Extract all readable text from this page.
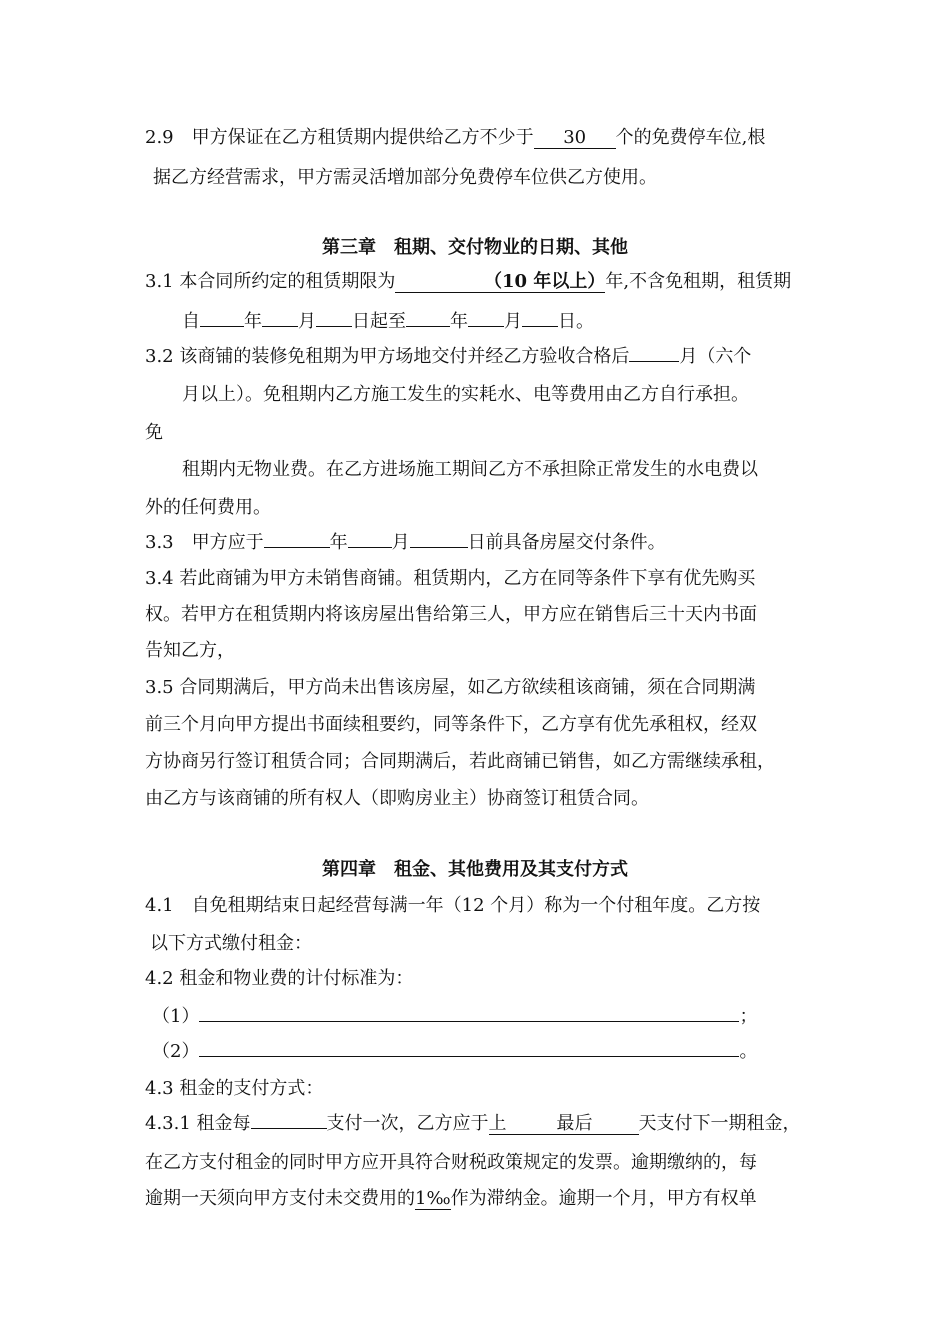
2.9 甲方保证在乙方租赁期内提供给乙方不少于 30 个的免费停车位,根
据乙方经营需求，甲方需灵活增加部分免费停车位供乙方使用。
第三章　租期、交付物业的日期、其他
3.1 本合同所约定的租赁期限为	（10 年以上）年,不含免租期，租赁期
自 年 月 日起至 年 月 日。
3.2 该商铺的装修免租期为甲方场地交付并经乙方验收合格后	月（六个
月以上）。免租期内乙方施工发生的实耗水、电等费用由乙方自行承担。
免
租期内无物业费。在乙方进场施工期间乙方不承担除正常发生的水电费以
外的任何费用。
3.3　甲方应于	年 月	日前具备房屋交付条件。
3.4 若此商铺为甲方未销售商铺。租赁期内，乙方在同等条件下享有优先购买
权。若甲方在租赁期内将该房屋出售给第三人，甲方应在销售后三十天内书面
告知乙方，
3.5 合同期满后，甲方尚未出售该房屋，如乙方欲续租该商铺，须在合同期满
前三个月向甲方提出书面续租要约，同等条件下，乙方享有优先承租权，经双
方协商另行签订租赁合同；合同期满后，若此商铺已销售，如乙方需继续承租，
由乙方与该商铺的所有权人（即购房业主）协商签订租赁合同。
第四章　租金、其他费用及其支付方式
4.1　自免租期结束日起经营每满一年（12 个月）称为一个付租年度。乙方按
以下方式缴付租金：
4.2 租金和物业费的计付标准为：
（1）	；
（2）	。
4.3 租金的支付方式：
4.3.1 租金每	支付一次，乙方应于上	最后	天支付下一期租金，
在乙方支付租金的同时甲方应开具符合财税政策规定的发票。逾期缴纳的，每
逾期一天须向甲方支付未交费用的1‰作为滞纳金。逾期一个月，甲方有权单
